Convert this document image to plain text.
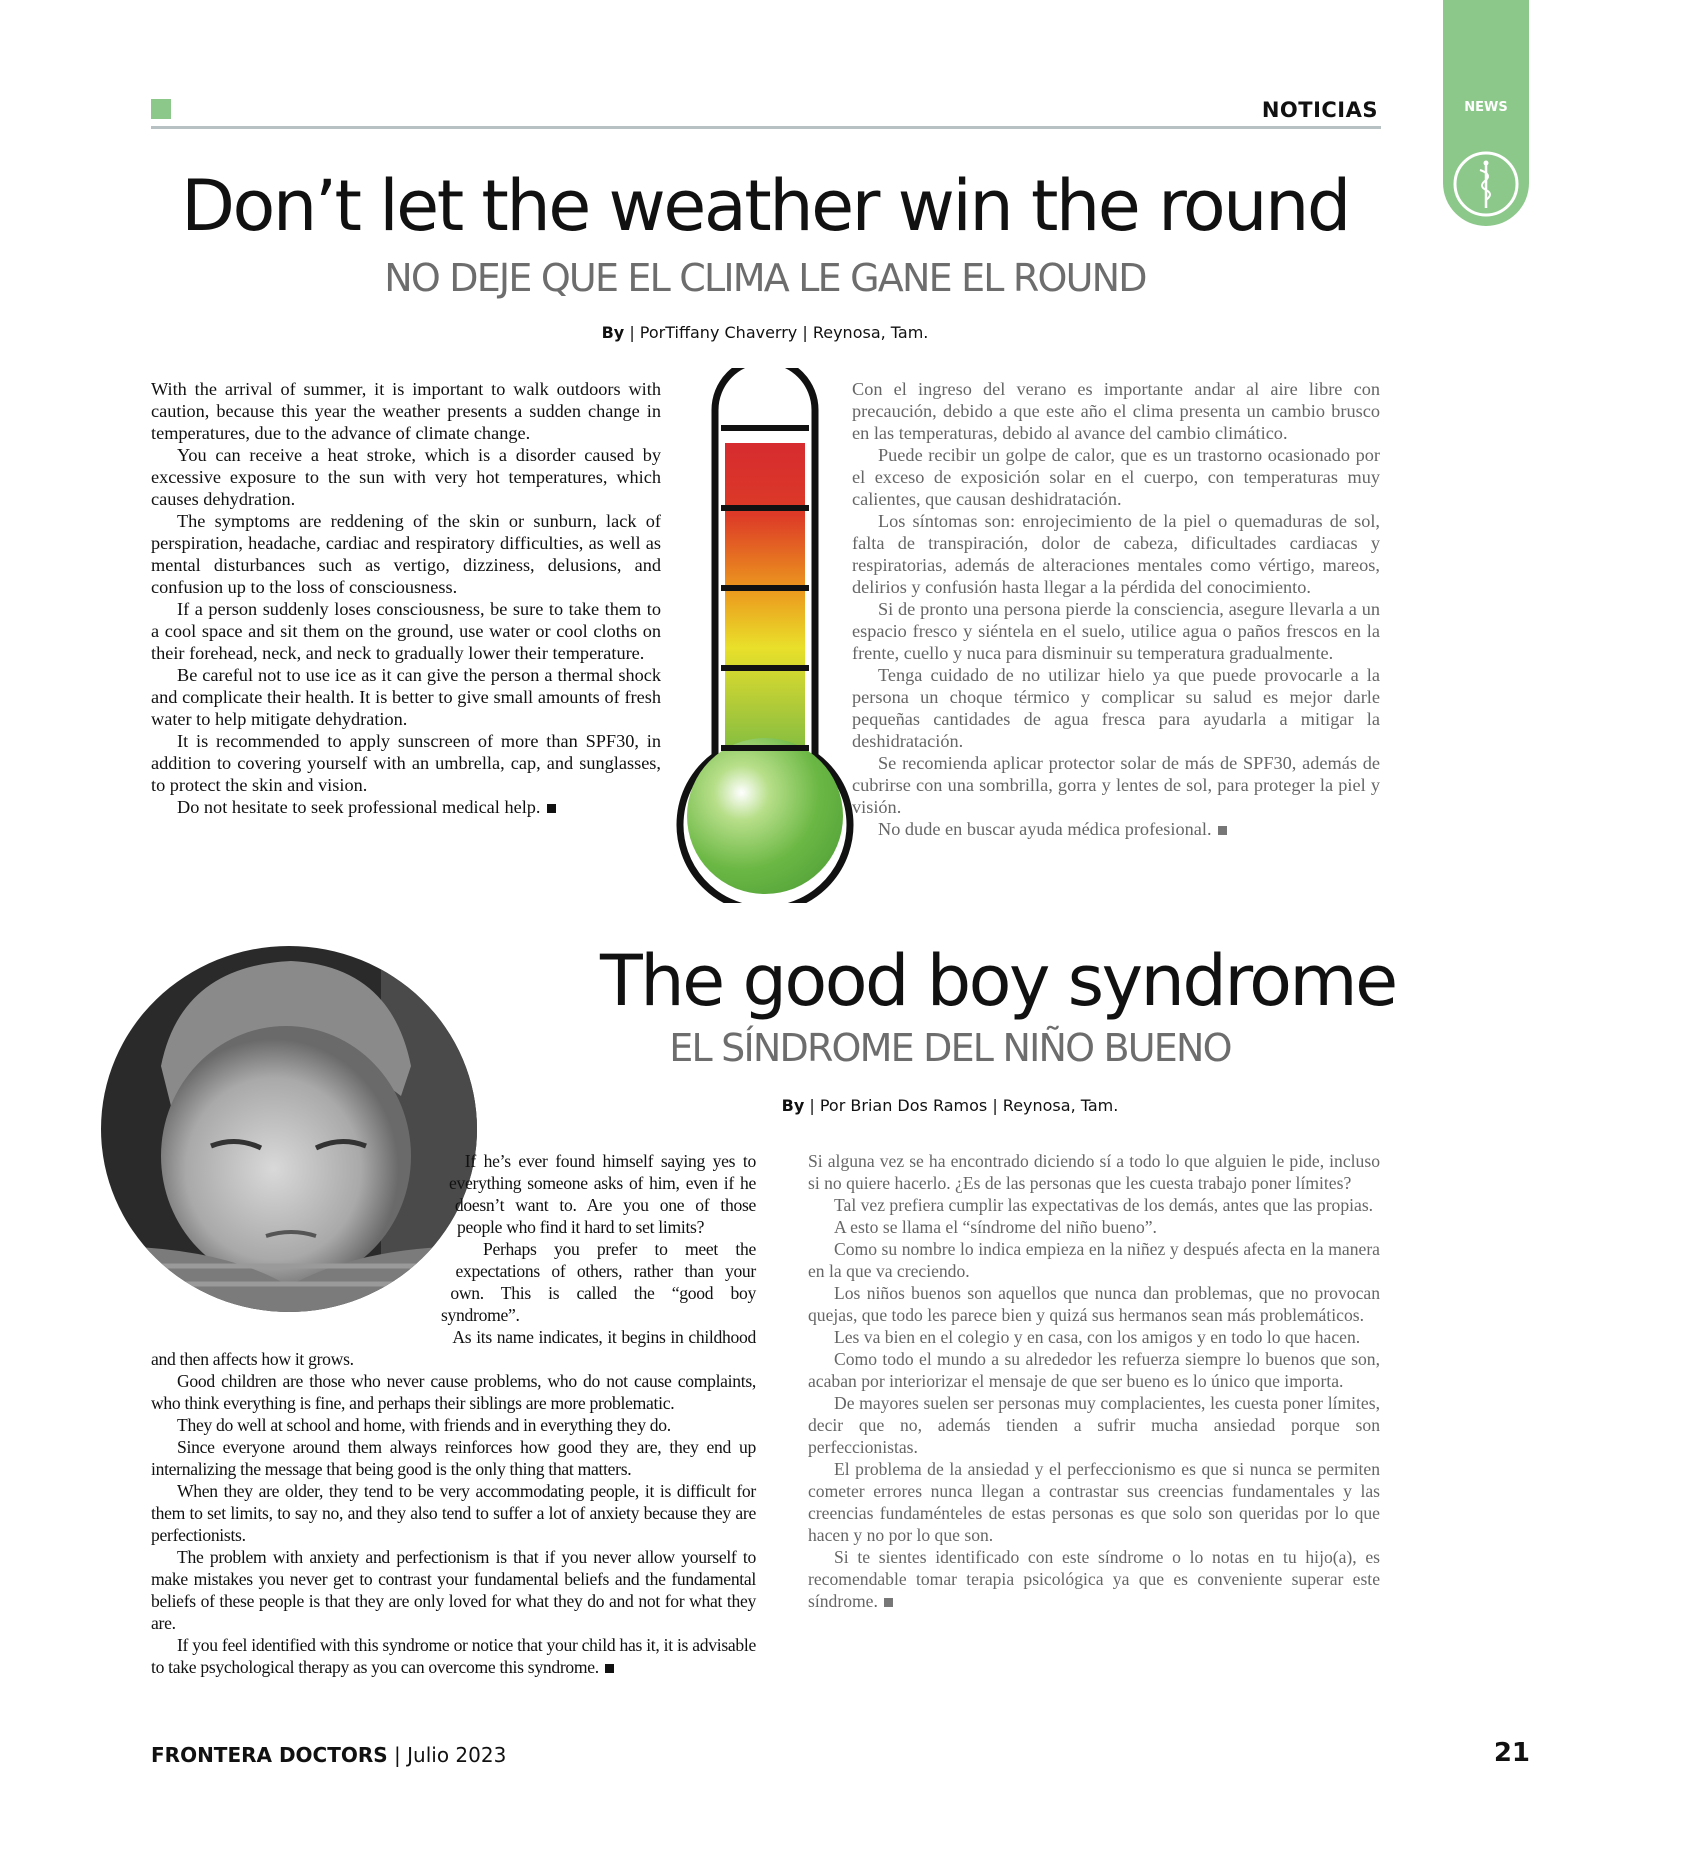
NOTICIAS	NEWS
Don’t let the weather win the round
NO DEJE QUE EL CLIMA LE GANE EL ROUND
By | PorTiffany Chaverry | Reynosa, Tam.

With the arrival of summer, it is important to walk outdoors with caution, because this year the weather presents a sudden change in temperatures, due to the advance of climate change.

You can receive a heat stroke, which is a disorder caused by excessive exposure to the sun with very hot temperatures, which causes dehydration.

The symptoms are reddening of the skin or sunburn, lack of perspiration, headache, cardiac and respiratory difficulties, as well as mental disturbances such as vertigo, dizziness, delusions, and confusion up to the loss of consciousness.

If a person suddenly loses consciousness, be sure to take them to a cool space and sit them on the ground, use water or cool cloths on their forehead, neck, and neck to gradually lower their temperature.

Be careful not to use ice as it can give the person a thermal shock and complicate their health. It is better to give small amounts of fresh water to help mitigate dehydration.

It is recommended to apply sunscreen of more than SPF30, in addition to covering yourself with an umbrella, cap, and sunglasses, to protect the skin and vision.

Do not hesitate to seek professional medical help.

Con el ingreso del verano es importante andar al aire libre con precaución, debido a que este año el clima presenta un cambio brusco en las temperaturas, debido al avance del cambio climático.

Puede recibir un golpe de calor, que es un trastorno ocasionado por el exceso de exposición solar en el cuerpo, con temperaturas muy calientes, que causan deshidratación.

Los síntomas son: enrojecimiento de la piel o quemaduras de sol, falta de transpiración, dolor de cabeza, dificultades cardiacas y respiratorias, además de alteraciones mentales como vértigo, mareos, delirios y confusión hasta llegar a la pérdida del conocimiento.

Si de pronto una persona pierde la consciencia, asegure llevarla a un espacio fresco y siéntela en el suelo, utilice agua o paños frescos en la frente, cuello y nuca para disminuir su temperatura gradualmente.

Tenga cuidado de no utilizar hielo ya que puede provocarle a la persona un choque térmico y complicar su salud es mejor darle pequeñas cantidades de agua fresca para ayudarla a mitigar la deshidratación.

Se recomienda aplicar protector solar de más de SPF30, además de cubrirse con una sombrilla, gorra y lentes de sol, para proteger la piel y visión.

No dude en buscar ayuda médica profesional.

The good boy syndrome
EL SÍNDROME DEL NIÑO BUENO
By | Por Brian Dos Ramos | Reynosa, Tam.

If he’s ever found himself saying yes to everything someone asks of him, even if he doesn’t want to. Are you one of those people who find it hard to set limits?

Perhaps you prefer to meet the expectations of others, rather than your own. This is called the “good boy syndrome”.

As its name indicates, it begins in childhood and then affects how it grows.

Good children are those who never cause problems, who do not cause complaints, who think everything is fine, and perhaps their siblings are more problematic.

They do well at school and home, with friends and in everything they do.

Since everyone around them always reinforces how good they are, they end up internalizing the message that being good is the only thing that matters.

When they are older, they tend to be very accommodating people, it is difficult for them to set limits, to say no, and they also tend to suffer a lot of anxiety because they are perfectionists.

The problem with anxiety and perfectionism is that if you never allow yourself to make mistakes you never get to contrast your fundamental beliefs and the fundamental beliefs of these people is that they are only loved for what they do and not for what they are.

If you feel identified with this syndrome or notice that your child has it, it is advisable to take psychological therapy as you can overcome this syndrome.

Si alguna vez se ha encontrado diciendo sí a todo lo que alguien le pide, incluso si no quiere hacerlo. ¿Es de las personas que les cuesta trabajo poner límites?

Tal vez prefiera cumplir las expectativas de los demás, antes que las propias.

A esto se llama el “síndrome del niño bueno”.

Como su nombre lo indica empieza en la niñez y después afecta en la manera en la que va creciendo.

Los niños buenos son aquellos que nunca dan problemas, que no provocan quejas, que todo les parece bien y quizá sus hermanos sean más problemáticos.

Les va bien en el colegio y en casa, con los amigos y en todo lo que hacen.

Como todo el mundo a su alrededor les refuerza siempre lo buenos que son, acaban por interiorizar el mensaje de que ser bueno es lo único que importa.

De mayores suelen ser personas muy complacientes, les cuesta poner límites, decir que no, además tienden a sufrir mucha ansiedad porque son perfeccionistas.

El problema de la ansiedad y el perfeccionismo es que si nunca se permiten cometer errores nunca llegan a contrastar sus creencias fundamentales y las creencias fundaménteles de estas personas es que solo son queridas por lo que hacen y no por lo que son.

Si te sientes identificado con este síndrome o lo notas en tu hijo(a), es recomendable tomar terapia psicológica ya que es conveniente superar este síndrome.

FRONTERA DOCTORS | Julio 2023	21
